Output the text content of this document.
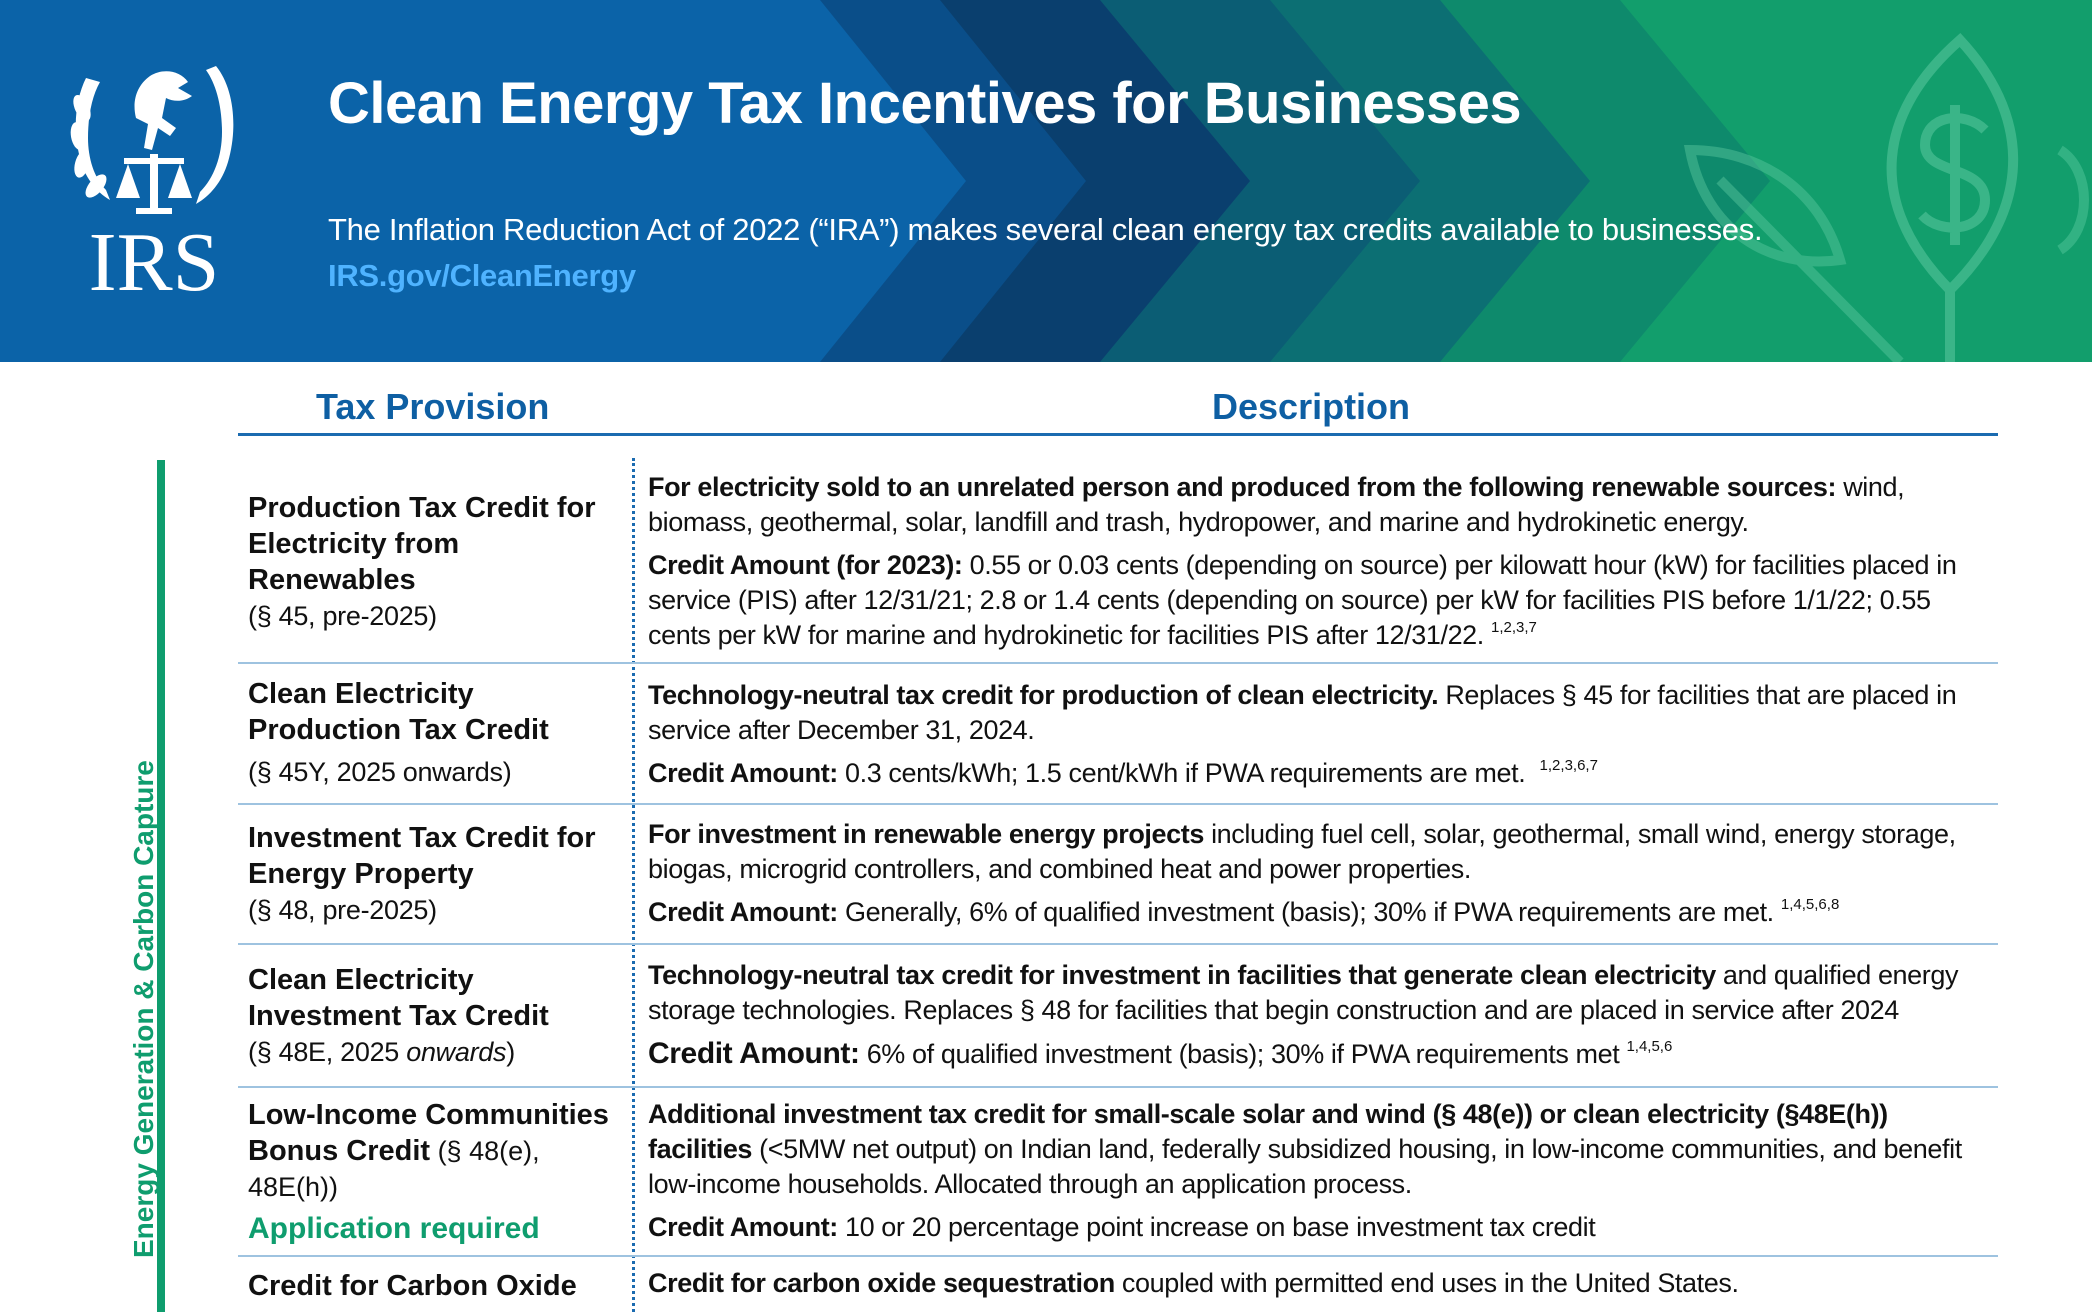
IRS
Clean Energy Tax Incentives for Businesses
The Inflation Reduction Act of 2022 (“IRA”) makes several clean energy tax credits available to businesses.
IRS.gov/CleanEnergy
Tax Provision	Description
Energy Generation & Carbon Capture
Production Tax Credit for Electricity from Renewables
(§ 45, pre-2025)

For electricity sold to an unrelated person and produced from the following renewable sources: wind, biomass, geothermal, solar, landfill and trash, hydropower, and marine and hydrokinetic energy.

Credit Amount (for 2023): 0.55 or 0.03 cents (depending on source) per kilowatt hour (kW) for facilities placed in service (PIS) after 12/31/21; 2.8 or 1.4 cents (depending on source) per kW for facilities PIS before 1/1/22; 0.55 cents per kW for marine and hydrokinetic for facilities PIS after 12/31/22. $^{1,2,3,7}$

Clean Electricity Production Tax Credit
(§ 45Y, 2025 onwards)

Technology-neutral tax credit for production of clean electricity. Replaces § 45 for facilities that are placed in service after December 31, 2024.

Credit Amount: 0.3 cents/kWh; 1.5 cent/kWh if PWA requirements are met. $^{1,2,3,6,7}$

Investment Tax Credit for Energy Property
(§ 48, pre-2025)

For investment in renewable energy projects including fuel cell, solar, geothermal, small wind, energy storage, biogas, microgrid controllers, and combined heat and power properties.

Credit Amount: Generally, 6% of qualified investment (basis); 30% if PWA requirements are met. $^{1,4,5,6,8}$

Clean Electricity Investment Tax Credit
(§ 48E, 2025 onwards)

Technology-neutral tax credit for investment in facilities that generate clean electricity and qualified energy storage technologies. Replaces § 48 for facilities that begin construction and are placed in service after 2024

Credit Amount: 6% of qualified investment (basis); 30% if PWA requirements met $^{1,4,5,6}$

Low-Income Communities Bonus Credit (§ 48(e), 48E(h))
Application required

Additional investment tax credit for small-scale solar and wind (§ 48(e)) or clean electricity (§48E(h)) facilities (<5MW net output) on Indian land, federally subsidized housing, in low-income communities, and benefit low-income households. Allocated through an application process.

Credit Amount: 10 or 20 percentage point increase on base investment tax credit

Credit for Carbon Oxide	Credit for carbon oxide sequestration coupled with permitted end uses in the United States.
